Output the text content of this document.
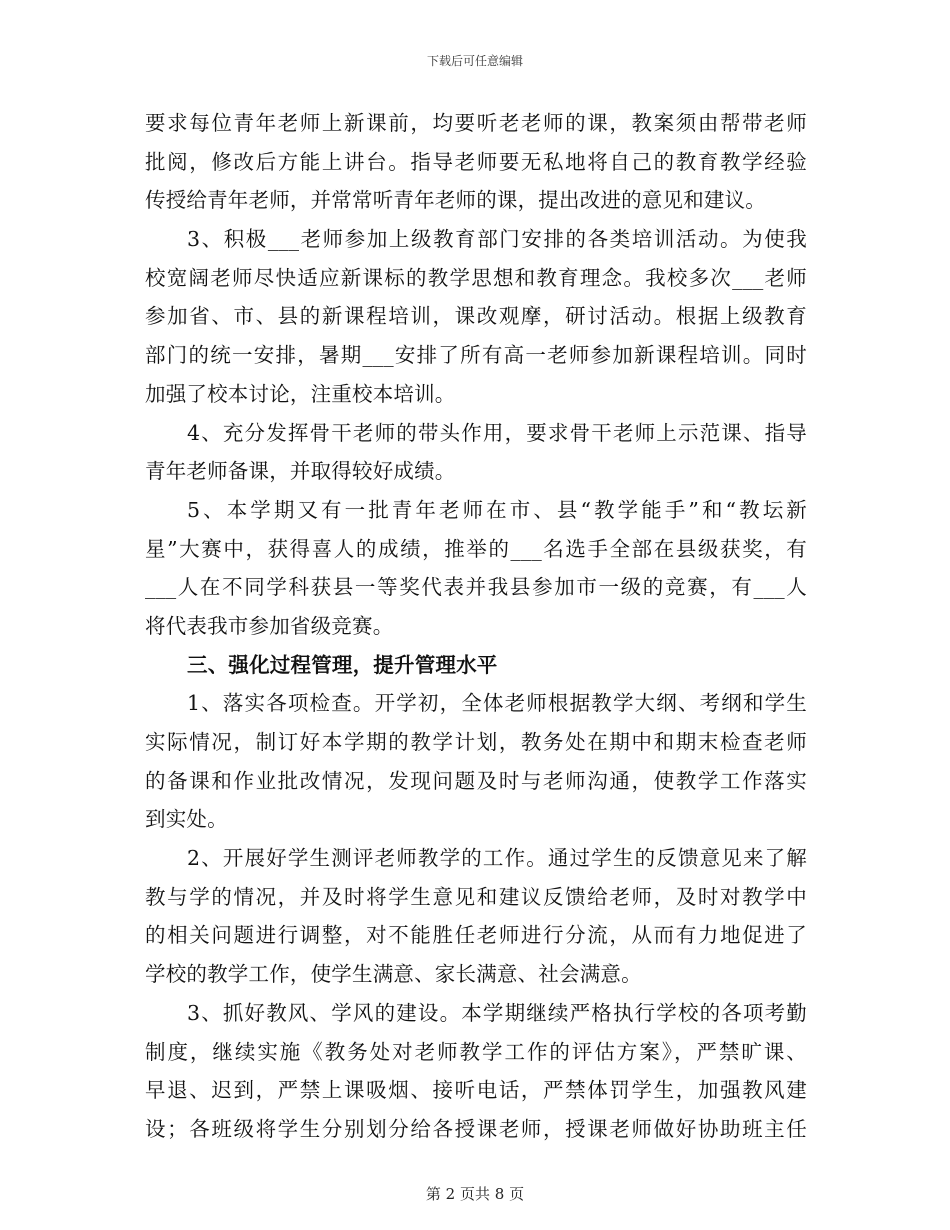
下载后可任意编辑
要求每位青年老师上新课前，均要听老老师的课，教案须由帮带老师
批阅，修改后方能上讲台。指导老师要无私地将自己的教育教学经验
传授给青年老师，并常常听青年老师的课，提出改进的意见和建议。
3、积极___老师参加上级教育部门安排的各类培训活动。为使我
校宽阔老师尽快适应新课标的教学思想和教育理念。我校多次___老师
参加省、市、县的新课程培训，课改观摩，研讨活动。根据上级教育
部门的统一安排，暑期___安排了所有高一老师参加新课程培训。同时
加强了校本讨论，注重校本培训。
4、充分发挥骨干老师的带头作用，要求骨干老师上示范课、指导
青年老师备课，并取得较好成绩。
5、本学期又有一批青年老师在市、县“教学能手”和“教坛新
星”大赛中，获得喜人的成绩，推举的___名选手全部在县级获奖，有
___人在不同学科获县一等奖代表并我县参加市一级的竞赛，有___人
将代表我市参加省级竞赛。
三、强化过程管理，提升管理水平
1、落实各项检查。开学初，全体老师根据教学大纲、考纲和学生
实际情况，制订好本学期的教学计划，教务处在期中和期末检查老师
的备课和作业批改情况，发现问题及时与老师沟通，使教学工作落实
到实处。
2、开展好学生测评老师教学的工作。通过学生的反馈意见来了解
教与学的情况，并及时将学生意见和建议反馈给老师，及时对教学中
的相关问题进行调整，对不能胜任老师进行分流，从而有力地促进了
学校的教学工作，使学生满意、家长满意、社会满意。
3、抓好教风、学风的建设。本学期继续严格执行学校的各项考勤
制度，继续实施《教务处对老师教学工作的评估方案》，严禁旷课、
早退、迟到，严禁上课吸烟、接听电话，严禁体罚学生，加强教风建
设；各班级将学生分别划分给各授课老师，授课老师做好协助班主任
第 2 页共 8 页
